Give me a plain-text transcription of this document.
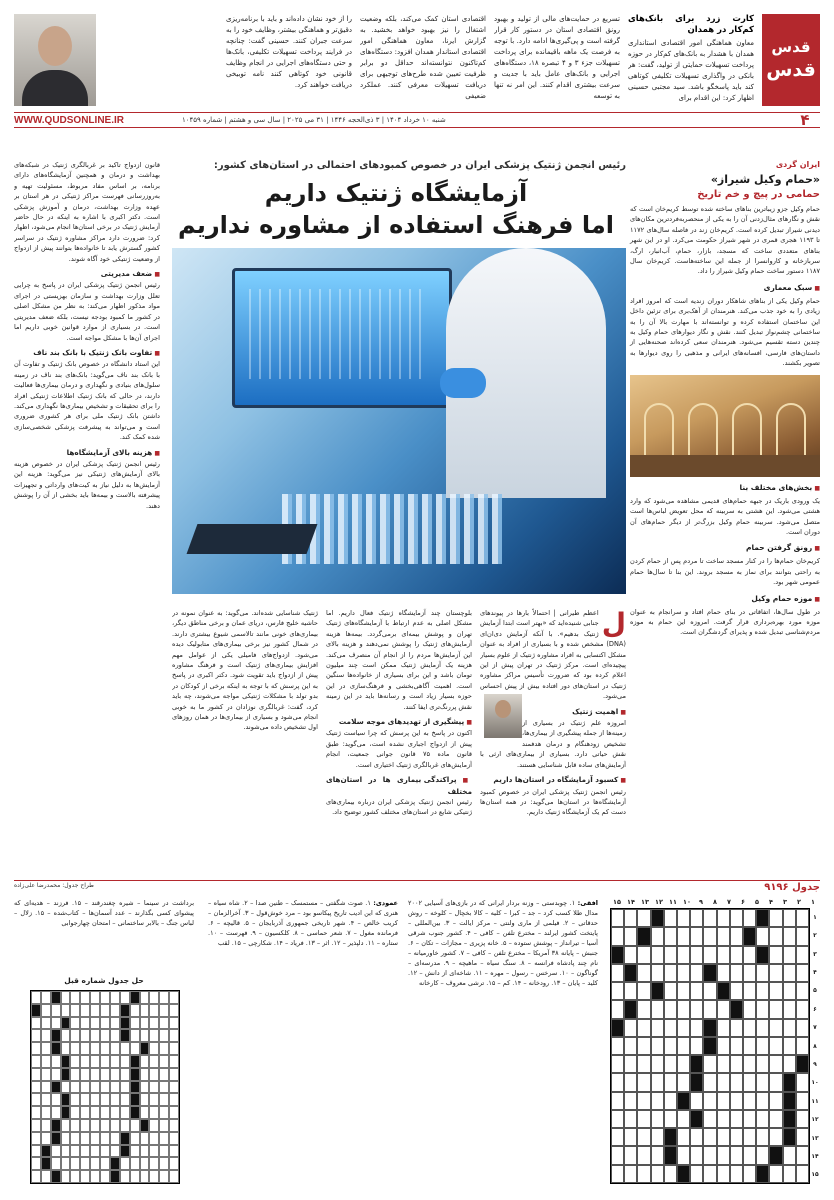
قدس
قدس
کارت زرد برای بانک‌های کم‌کار در همدان
معاون هماهنگی امور اقتصادی استانداری همدان با هشدار به بانک‌های کم‌کار در حوزه پرداخت تسهیلات حمایتی از تولید، گفت: هر بانکی در واگذاری تسهیلات تکلیفی کوتاهی کند باید پاسخگو باشد. سید مجتبی حسینی اظهار کرد: این اقدام برای
تسریع در حمایت‌های مالی از تولید و بهبود رونق اقتصادی استان در دستور کار قرار گرفته است و پی‌گیری‌ها ادامه دارد. با توجه به فرصت یک ماهه باقیمانده برای پرداخت تسهیلات جزء ۳ و ۴ تبصره ۱۸، دستگاه‌های اجرایی و بانک‌های عامل باید با جدیت و سرعت بیشتری اقدام کنند. این امر نه تنها به توسعه
اقتصادی استان کمک می‌کند، بلکه وضعیت اشتغال را نیز بهبود خواهد بخشید. به گزارش ایرنا، معاون هماهنگی امور اقتصادی استاندار همدان افزود: دستگاه‌های کم‌تاکنون نتوانسته‌اند حداقل دو برابر ظرفیت تعیین شده طرح‌های توجیهی برای دریافت تسهیلات معرفی کنند. عملکرد ضعیفی
را از خود نشان داده‌اند و باید با برنامه‌ریزی دقیق‌تر و هماهنگی بیشتر، وظایف خود را به سرعت جبران کنند. حسینی گفت: چنانچه در فرایند پرداخت تسهیلات تکلیفی، بانک‌ها و حتی دستگاه‌های اجرایی در انجام وظایف قانونی خود کوتاهی کنند نامه توبیخی دریافت خواهند کرد.
۴
شنبه ۱۰ خرداد ۱۴۰۴ | ۳ ذی‌الحجه ۱۴۴۶ | ۳۱ می ۲۰۲۵ | سال سی و هشتم | شماره ۱۰۴۵۹
WWW.QUDSONLINE.IR
ایران گردی
«حمام وکیل شیراز»
حمامی در پیچ و خم تاریخ
حمام وکیل جزو زیباترین بناهای ساخته شده توسط کریم‌خان است که نقش و نگارهای مثال‌زدنی آن را به یکی از منحصربه‌فردترین مکان‌های دیدنی شیراز تبدیل کرده است. کریم‌خان زند در فاصله سال‌های ۱۱۷۲ تا ۱۱۹۳ هجری قمری در شهر شیراز حکومت می‌کرد. او در این شهر بناهای متعددی ساخت که مسجد، بازار، حمام، آب‌انبار، ارگ، سربازخانه و کاروانسرا از جمله این ساخته‌هاست. کریم‌خان سال ۱۱۸۷ دستور ساخت حمام وکیل شیراز را داد.
■ سبک معماری
حمام وکیل یکی از بناهای شاهکار دوران زندیه است که امروز افراد زیادی را به خود جذب می‌کند. هنرمندان از آهک‌بری برای تزئین داخل این ساختمان استفاده کرده و توانسته‌اند با مهارت بالا آن را به ساختمانی چشم‌نواز تبدیل کنند. نقش و نگار دیوارهای حمام وکیل به چندین دسته تقسیم می‌شود. هنرمندان سعی کرده‌اند صحنه‌هایی از داستان‌های فارسی، افسانه‌های ایرانی و مذهبی را روی دیوارها به تصویر بکشند.
■ بخش‌های مختلف بنا
یک ورودی باریک در جبهه حمام‌های قدیمی مشاهده می‌شود که وارد هشتی می‌شود. این هشتی به سربینه که محل تعویض لباس‌ها است متصل می‌شود. سربینه حمام وکیل بزرگ‌تر از دیگر حمام‌های آن دوران است.
■ رونق گرفتن حمام
کریم‌خان حمام‌ها را در کنار مسجد ساخت تا مردم پس از حمام کردن به راحتی بتوانند برای نماز به مسجد بروند. این بنا تا سال‌ها حمام عمومی شهر بود.
■ موزه حمام وکیل
در طول سال‌ها، اتفاقاتی در بنای حمام افتاد و سرانجام به عنوان موزه مورد بهره‌برداری قرار گرفت. امروزه این حمام به موزه مردم‌شناسی تبدیل شده و پذیرای گردشگران است.
رئیس انجمن ژنتیک پزشکی ایران در خصوص کمبودهای احتمالی در استان‌های کشور:
آزمایشگاه ژنتیک داریم
اما فرهنگ استفاده از مشاوره نداریم
قانون ازدواج تاکید بر غربالگری ژنتیک در شبکه‌های بهداشت و درمان و همچنین آزمایشگاه‌های دارای برنامه، بر اساس مفاد مربوط، مسئولیت تهیه و به‌روزرسانی فهرست مراکز ژنتیکی در هر استان بر عهده وزارت بهداشت، درمان و آموزش پزشکی است. دکتر اکبری با اشاره به اینکه در حال حاضر آزمایش ژنتیک در برخی استان‌ها انجام می‌شود، اظهار کرد: ضرورت دارد مراکز مشاوره ژنتیک در سراسر کشور گسترش یابد تا خانواده‌ها بتوانند پیش از ازدواج از وضعیت ژنتیکی خود آگاه شوند.
■ ضعف مدیریتی
رئیس انجمن ژنتیک پزشکی ایران در پاسخ به چرایی تعلل وزارت بهداشت و سازمان بهزیستی در اجرای مواد مذکور اظهار می‌کند: به نظر من مشکل اصلی در کشور ما کمبود بودجه نیست، بلکه ضعف مدیریتی است. در بسیاری از موارد قوانین خوبی داریم اما اجرای آن‌ها با مشکل مواجه است.
■ تفاوت بانک ژنتیک با بانک بند ناف
این استاد دانشگاه در خصوص بانک ژنتیک و تفاوت آن با بانک بند ناف می‌گوید: بانک‌های بند ناف در زمینه سلول‌های بنیادی و نگهداری و درمان بیماری‌ها فعالیت دارند، در حالی که بانک ژنتیک اطلاعات ژنتیکی افراد را برای تحقیقات و تشخیص بیماری‌ها نگهداری می‌کند. داشتن بانک ژنتیک ملی برای هر کشوری ضروری است و می‌تواند به پیشرفت پزشکی شخصی‌سازی شده کمک کند.
■ هزینه بالای آزمایشگاه‌ها
رئیس انجمن ژنتیک پزشکی ایران در خصوص هزینه بالای آزمایش‌های ژنتیکی نیز می‌گوید: هزینه این آزمایش‌ها به دلیل نیاز به کیت‌های وارداتی و تجهیزات پیشرفته بالاست و بیمه‌ها باید بخشی از آن را پوشش دهند.
ل
اعظم طیرانی | احتمالاً بارها در پیوندهای جنابی شنیده‌اید که «بهتر است ابتدا آزمایش ژنتیک بدهیم». با آنکه آزمایش دی‌ان‌ای (DNA) مشخص شده و با بسیاری از افراد به عنوان مشکل اکتسابی به افراد مشاوره ژنتیک از علوم بسیار پیچیده‌ای است. مرکز ژنتیک در تهران پیش از این اعلام کرده بود که ضرورت تأسیس مراکز مشاوره ژنتیک در استان‌های دور افتاده بیش از پیش احساس می‌شود.
■ اهمیت ژنتیک
امروزه علم ژنتیک در بسیاری از زمینه‌ها از جمله پیشگیری از بیماری‌ها، تشخیص زودهنگام و درمان هدفمند نقش حیاتی دارد. بسیاری از بیماری‌های ارثی با آزمایش‌های ساده قابل شناسایی هستند.
■ کسبود آزمایشگاه در استان‌ها داریم
رئیس انجمن ژنتیک پزشکی ایران در خصوص کمبود آزمایشگاه‌ها در استان‌ها می‌گوید: در همه استان‌ها دست کم یک آزمایشگاه ژنتیک داریم.
بلوچستان چند آزمایشگاه ژنتیک فعال داریم. اما مشکل اصلی به عدم ارتباط با آزمایشگاه‌های ژنتیک تهران و پوشش بیمه‌ای برمی‌گردد. بیمه‌ها هزینه آزمایش‌های ژنتیک را پوشش نمی‌دهند و هزینه بالای این آزمایش‌ها مردم را از انجام آن منصرف می‌کند. هزینه یک آزمایش ژنتیک ممکن است چند میلیون تومان باشد و این برای بسیاری از خانواده‌ها سنگین است. اهمیت آگاهی‌بخشی و فرهنگ‌سازی در این حوزه بسیار زیاد است و رسانه‌ها باید در این زمینه نقش پررنگ‌تری ایفا کنند.
■ پیشگیری از تهدیدهای موجه سلامت
اکنون در پاسخ به این پرسش که چرا سیاست ژنتیک پیش از ازدواج اجباری نشده است، می‌گوید: طبق قانون ماده ۷۵ قانون جوانی جمعیت، انجام آزمایش‌های غربالگری ژنتیک اختیاری است.
■ پراکندگی بیماری ها در استان‌های مختلف
رئیس انجمن ژنتیک پزشکی ایران درباره بیماری‌های ژنتیکی شایع در استان‌های مختلف کشور توضیح داد.
ژنتیک شناسایی شده‌اند. می‌گوید: به عنوان نمونه در حاشیه خلیج فارس، دریای عمان و برخی مناطق دیگر، بیماری‌های خونی مانند تالاسمی شیوع بیشتری دارند. در شمال کشور نیز برخی بیماری‌های متابولیک دیده می‌شود. ازدواج‌های فامیلی یکی از عوامل مهم افزایش بیماری‌های ژنتیک است و فرهنگ مشاوره پیش از ازدواج باید تقویت شود. دکتر اکبری در پاسخ به این پرسش که با توجه به اینکه برخی از کودکان در بدو تولد با مشکلات ژنتیکی مواجه می‌شوند، چه باید کرد، گفت: غربالگری نوزادان در کشور ما به خوبی انجام می‌شود و بسیاری از بیماری‌ها در همان روزهای اول تشخیص داده می‌شوند.
جدول ۹۱۹۶
طراح جدول: محمدرضا علی‌زاده
۱
۲
۳
۴
۵
۶
۷
۸
۹
۱۰
۱۱
۱۲
۱۳
۱۴
۱۵
۱
۲
۳
۴
۵
۶
۷
۸
۹
۱۰
۱۱
۱۲
۱۳
۱۴
۱۵
افقی: ۱. چوبدستی – وزنه بردار ایرانی که در بازی‌های آسیایی ۲۰۰۲ مدال طلا کسب کرد – جد – کبرا – کلیه – کالا بخچال – کلوخه – روش حدقاتی – ۲. فیلمی از ماری ولنتی – مرکز ایالت – ۳. بین‌المللی – پایتخت کشور ایرلند – مخترع تلفن – کافی – ۴. کشور جنوب شرقی آسیا – تیرانداز – پوشش ستوده – ۵. خانه پزیری – مجازات – تکان – ۶. جنبش – پایانه ۳۸ آمریکا – مخترع تلفن – کافی – ۷. کشور خاورمیانه – نام چند پادشاه فرانسه – ۸. سنگ سیاه – ماهیچه – ۹. مدرسه‌ای – گوناگون – ۱۰. سرخس – رسول – مهره – ۱۱. شاخه‌ای از دانش – ۱۲. کلید – پایان – ۱۳. رودخانه – ۱۴. کم – ۱۵. ترشی معروف – کارخانه
عمودی: ۱. صوت شگفتی – مستمسک – طنین صدا – ۲. شاه سیاه – هنری که این ادیب تاریخ پیکاسو بود – مرد خوش‌قول – ۳. آخرالزمان – کریب خالص – ۴. شهر تاریخی جمهوری آذربایجان – ۵. قالیچه – ۶. فرمانده مغول – ۷. شعر حماسی – ۸. کلکسیون – ۹. فهرست – ۱۰. ستاره – ۱۱. دلپذیر – ۱۲. اثر – ۱۳. فریاد – ۱۴. شکارچی – ۱۵. لقب
برداشت در سینما – شیره چغندرقند – ۱۵. فرزند – هدیه‌ای که پیشوای کسی بگذارند – عدد آسمان‌ها – کتاب‌شده – ۱۵. زلال – لباس جنگ – بالابر ساختمانی – امتحان چهارجوابی
حل جدول شماره قبل
